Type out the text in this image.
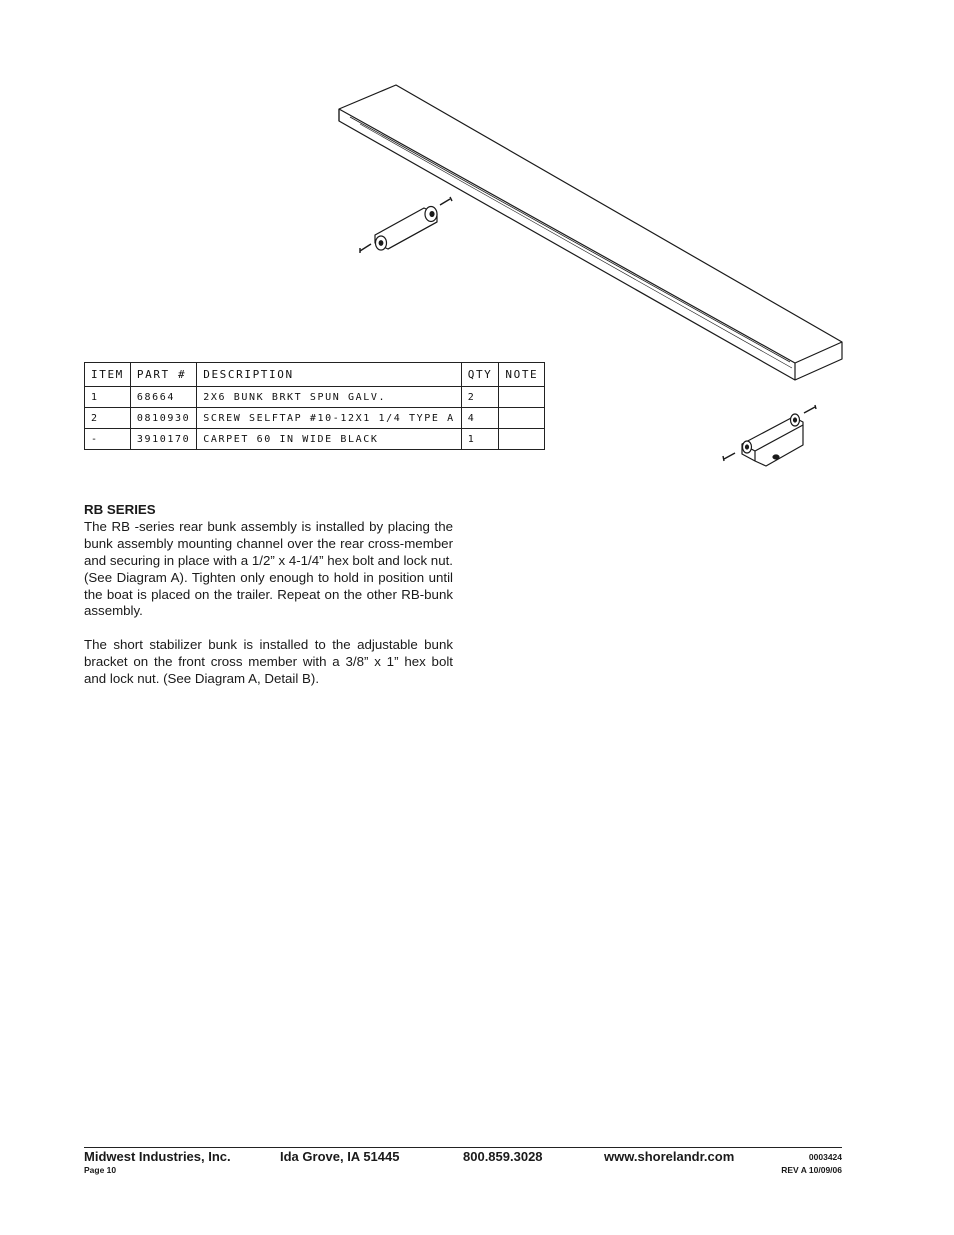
ITEM	PART #	DESCRIPTION	QTY	NOTE
1	68664	2X6 BUNK BRKT SPUN GALV.	2	
2	0810930	SCREW SELFTAP #10-12X1 1/4 TYPE A	4	
-	3910170	CARPET 60 IN WIDE BLACK	1	
RB SERIES

The RB -series rear bunk assembly is installed by placing the bunk assembly mounting channel over the rear cross-member and securing in place with a 1/2” x 4-1/4” hex bolt and lock nut. (See Diagram A). Tighten only enough to hold in position until the boat is placed on the trailer. Repeat on the other RB-bunk assembly.

The short stabilizer bunk is installed to the adjustable bunk bracket on the front cross member with a 3/8” x 1” hex bolt and lock nut. (See Diagram A, Detail B).

Midwest Industries, Inc.	Ida Grove, IA 51445	800.859.3028	www.shorelandr.com	0003424
Page 10	REV A 10/09/06
